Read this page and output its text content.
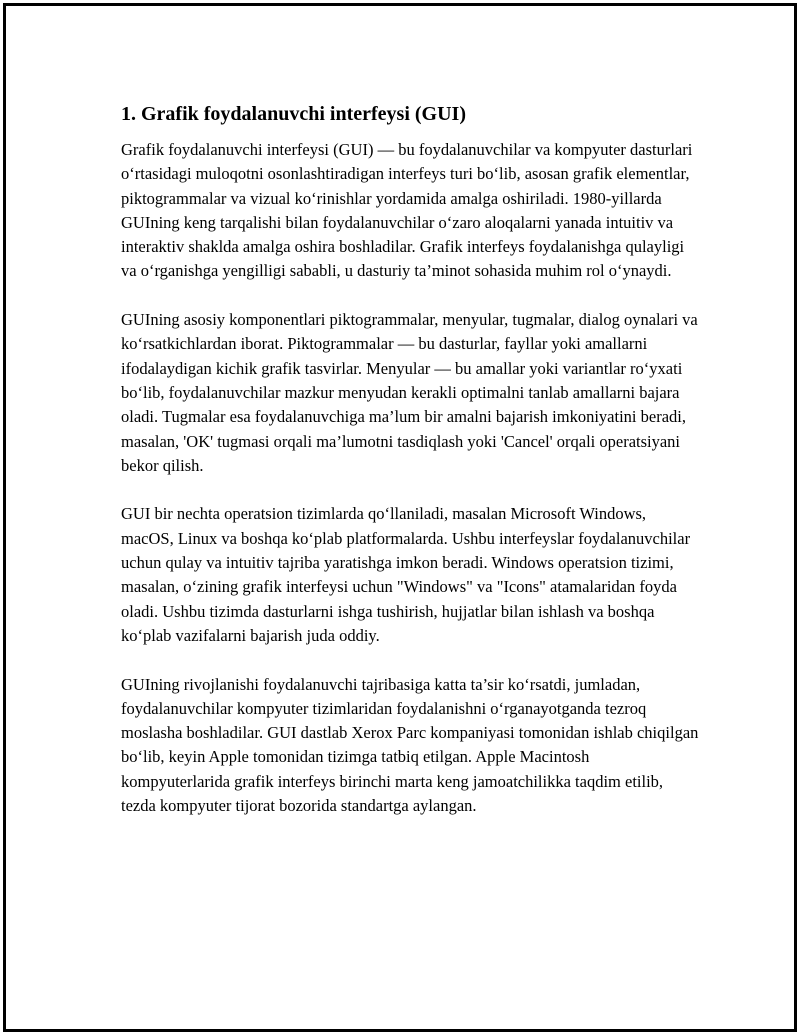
1. Grafik foydalanuvchi interfeysi (GUI)

Grafik foydalanuvchi interfeysi (GUI) — bu foydalanuvchilar va kompyuter dasturlari o‘rtasidagi muloqotni osonlashtiradigan interfeys turi bo‘lib, asosan grafik elementlar, piktogrammalar va vizual ko‘rinishlar yordamida amalga oshiriladi. 1980-yillarda GUIning keng tarqalishi bilan foydalanuvchilar o‘zaro aloqalarni yanada intuitiv va interaktiv shaklda amalga oshira boshladilar. Grafik interfeys foydalanishga qulayligi va o‘rganishga yengilligi sababli, u dasturiy ta’minot sohasida muhim rol o‘ynaydi.

GUIning asosiy komponentlari piktogrammalar, menyular, tugmalar, dialog oynalari va ko‘rsatkichlardan iborat. Piktogrammalar — bu dasturlar, fayllar yoki amallarni ifodalaydigan kichik grafik tasvirlar. Menyular — bu amallar yoki variantlar ro‘yxati bo‘lib, foydalanuvchilar mazkur menyudan kerakli optimalni tanlab amallarni bajara oladi. Tugmalar esa foydalanuvchiga ma’lum bir amalni bajarish imkoniyatini beradi, masalan, 'OK' tugmasi orqali ma’lumotni tasdiqlash yoki 'Cancel' orqali operatsiyani bekor qilish.

GUI bir nechta operatsion tizimlarda qo‘llaniladi, masalan Microsoft Windows, macOS, Linux va boshqa ko‘plab platformalarda. Ushbu interfeyslar foydalanuvchilar uchun qulay va intuitiv tajriba yaratishga imkon beradi. Windows operatsion tizimi, masalan, o‘zining grafik interfeysi uchun "Windows" va "Icons" atamalaridan foyda oladi. Ushbu tizimda dasturlarni ishga tushirish, hujjatlar bilan ishlash va boshqa ko‘plab vazifalarni bajarish juda oddiy.

GUIning rivojlanishi foydalanuvchi tajribasiga katta ta’sir ko‘rsatdi, jumladan, foydalanuvchilar kompyuter tizimlaridan foydalanishni o‘rganayotganda tezroq moslasha boshladilar. GUI dastlab Xerox Parc kompaniyasi tomonidan ishlab chiqilgan bo‘lib, keyin Apple tomonidan tizimga tatbiq etilgan. Apple Macintosh kompyuterlarida grafik interfeys birinchi marta keng jamoatchilikka taqdim etilib, tezda kompyuter tijorat bozorida standartga aylangan.
